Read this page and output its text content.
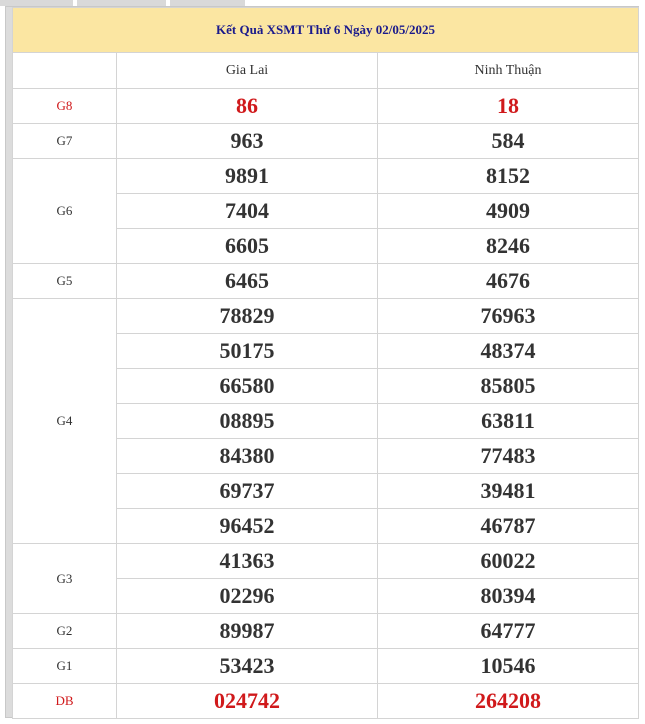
Kết Quả XSMT Thứ 6 Ngày 02/05/2025		
	Gia Lai	Ninh Thuận
G8	86	18
G7	963	584
G6	9891	8152
	7404	4909
	6605	8246
G5	6465	4676
G4	78829	76963
	50175	48374
	66580	85805
	08895	63811
	84380	77483
	69737	39481
	96452	46787
G3	41363	60022
	02296	80394
G2	89987	64777
G1	53423	10546
DB	024742	264208
